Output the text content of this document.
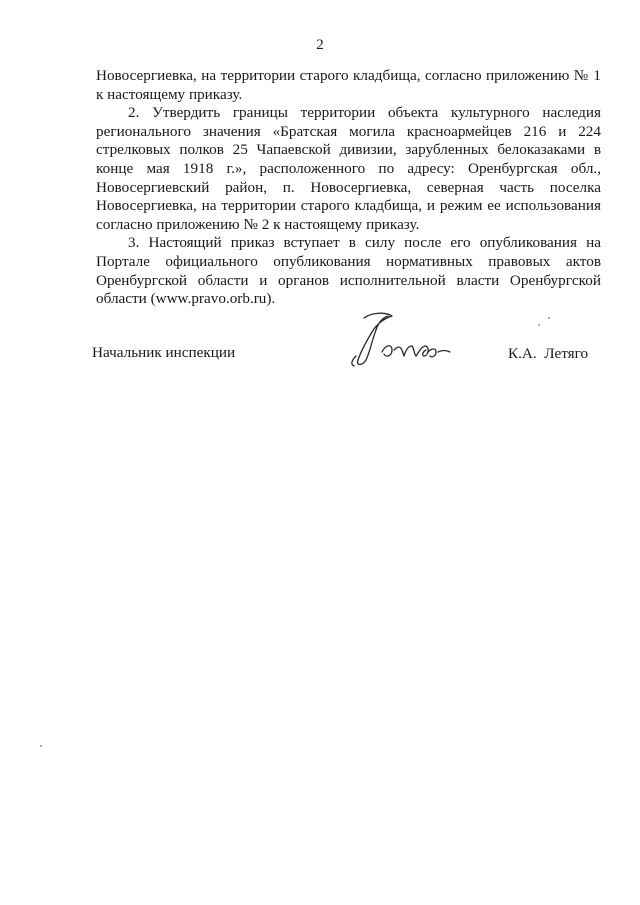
2

Новосергиевка, на территории старого кладбища, согласно приложению № 1 к настоящему приказу.

2. Утвердить границы территории объекта культурного наследия регионального значения «Братская могила красноармейцев 216 и 224 стрелковых полков 25 Чапаевской дивизии, зарубленных белоказаками в конце мая 1918 г.», расположенного по адресу: Оренбургская обл., Новосергиевский район, п. Новосергиевка, северная часть поселка Новосергиевка, на территории старого кладбища, и режим ее использования согласно приложению № 2 к настоящему приказу.

3. Настоящий приказ вступает в силу после его опубликования на Портале официального опубликования нормативных правовых актов Оренбургской области и органов исполнительной власти Оренбургской области (www.pravo.orb.ru).

Начальник инспекции	К.А.  Летяго
